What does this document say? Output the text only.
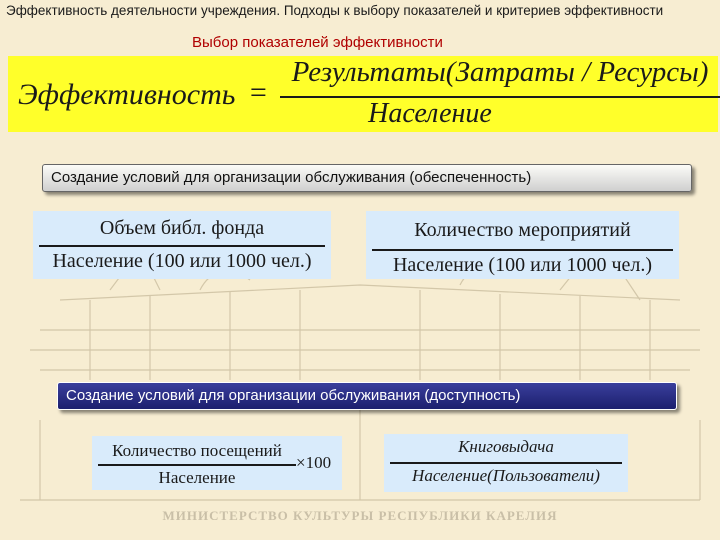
Эффективность деятельности учреждения. Подходы к выбору показателей и критериев эффективности
Выбор показателей эффективности
Эффективность =
Результаты(Затраты / Ресурсы)
Население
Создание условий для организации обслуживания (обеспеченность)
Объем библ. фонда
Население (100 или 1000 чел.)
Количество мероприятий
Население (100 или 1000 чел.)
Создание условий для организации обслуживания (доступность)
Количество посещений
Население
×100
Книговыдача
Население(Пользователи)
МИНИСТЕРСТВО КУЛЬТУРЫ РЕСПУБЛИКИ КАРЕЛИЯ
